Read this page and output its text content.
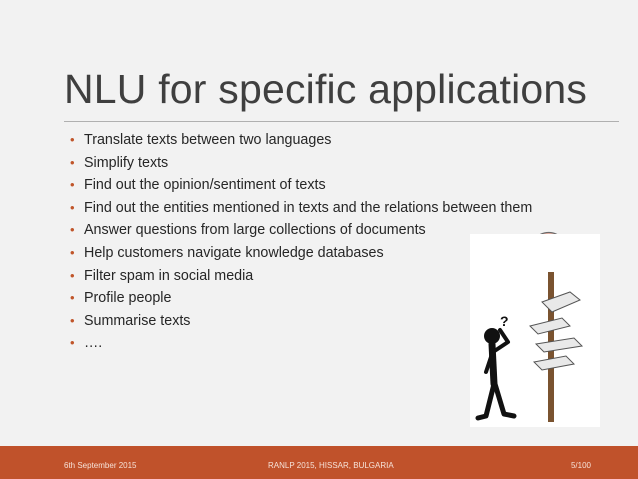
NLU for specific applications
• Translate texts between two languages
• Simplify texts
• Find out the opinion/sentiment of texts
• Find out the entities mentioned in texts and the relations between them
• Answer questions from large collections of documents
• Help customers navigate knowledge databases
• Filter spam in social media
• Profile people
• Summarise texts
• ….
?
6th September 2015	RANLP 2015, HISSAR, BULGARIA	5/100
